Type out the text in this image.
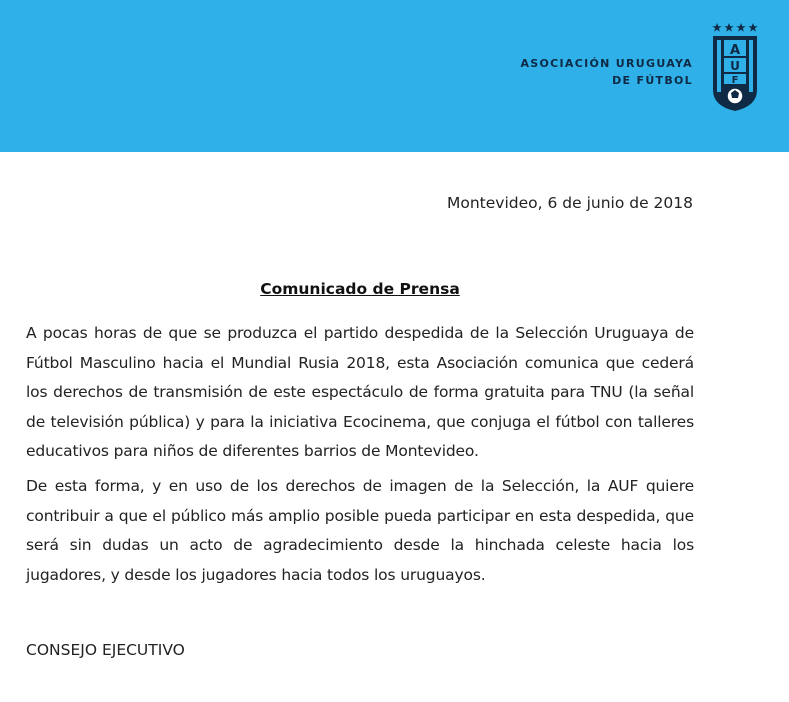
ASOCIACIÓN URUGUAYA
DE FÚTBOL
A
U
F
Montevideo, 6 de junio de 2018
Comunicado de Prensa

A pocas horas de que se produzca el partido despedida de la Selección Uruguaya de Fútbol Masculino hacia el Mundial Rusia 2018, esta Asociación comunica que cederá los derechos de transmisión de este espectáculo de forma gratuita para TNU (la señal de televisión pública) y para la iniciativa Ecocinema, que conjuga el fútbol con talleres educativos para niños de diferentes barrios de Montevideo.

De esta forma, y en uso de los derechos de imagen de la Selección, la AUF quiere contribuir a que el público más amplio posible pueda participar en esta despedida, que será sin dudas un acto de agradecimiento desde la hinchada celeste hacia los jugadores, y desde los jugadores hacia todos los uruguayos.

CONSEJO EJECUTIVO
